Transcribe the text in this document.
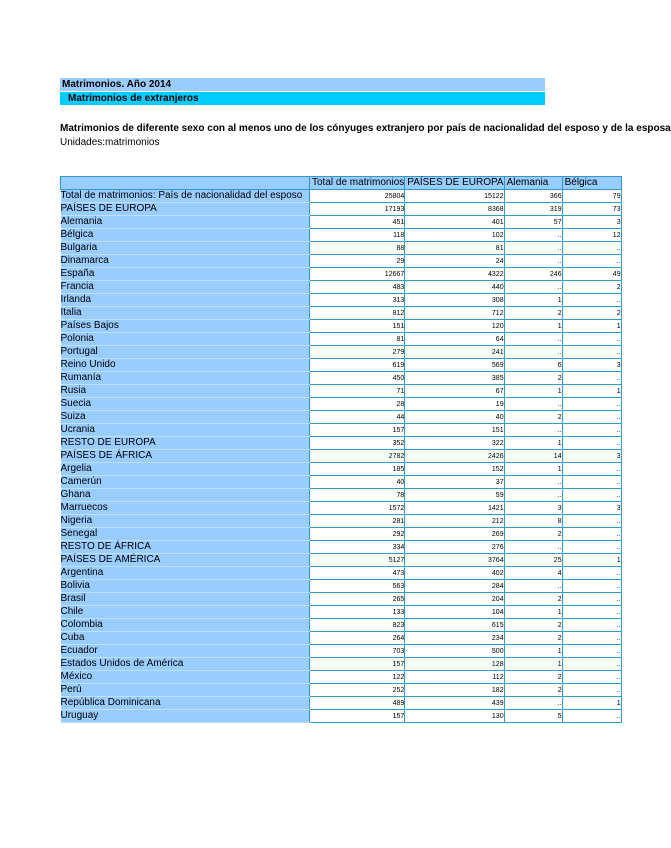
Matrimonios. Año 2014
Matrimonios de extranjeros
Matrimonios de diferente sexo con al menos uno de los cónyuges extranjero por país de nacionalidad del esposo y de la esposa
Unidades:matrimonios
	Total de matrimonios	PAÍSES DE EUROPA	Alemania	Bélgica
Total de matrimonios: País de nacionalidad del esposo	25804	15122	366	79
PAÍSES DE EUROPA	17193	8368	319	73
Alemania	451	401	57	3
Bélgica	118	102	..	12
Bulgaria	88	81	..	..
Dinamarca	29	24	..	..
España	12667	4322	246	49
Francia	483	440	..	2
Irlanda	313	308	1	..
Italia	812	712	2	2
Países Bajos	151	120	1	1
Polonia	81	64	..	..
Portugal	279	241	..	..
Reino Unido	619	569	6	3
Rumanía	450	385	2	..
Rusia	71	67	1	1
Suecia	28	19	..	..
Suiza	44	40	2	..
Ucrania	157	151	..	..
RESTO DE EUROPA	352	322	1	..
PAÍSES DE ÁFRICA	2782	2426	14	3
Argelia	185	152	1	..
Camerún	40	37	..	..
Ghana	78	59	..	..
Marruecos	1572	1421	3	3
Nigeria	281	212	8	..
Senegal	292	269	2	..
RESTO DE ÁFRICA	334	276	..	..
PAÍSES DE AMÉRICA	5127	3764	25	1
Argentina	473	402	4	..
Bolivia	563	284	..	..
Brasil	265	204	2	..
Chile	133	104	1	..
Colombia	823	615	2	..
Cuba	264	234	2	..
Ecuador	703	500	1	..
Estados Unidos de América	157	128	1	..
México	122	112	2	..
Perú	252	182	2	..
República Dominicana	489	439	..	1
Uruguay	157	130	5	..
